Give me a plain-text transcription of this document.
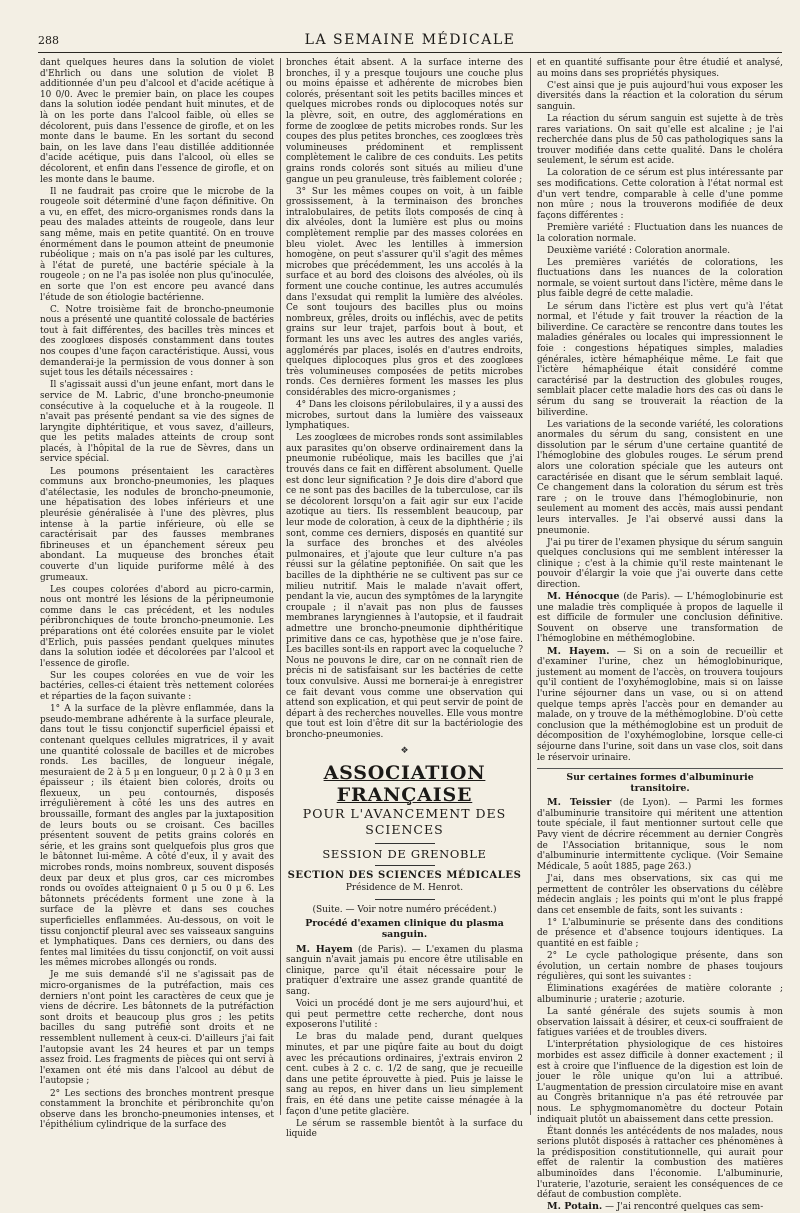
288	LA SEMAINE MÉDICALE

dant quelques heures dans la solution de violet d'Ehrlich ou dans une solution de violet B additionnée d'un peu d'alcool et d'acide acétique à 10 0/0. Avec le premier bain, on place les coupes dans la solution iodée pendant huit minutes, et de là on les porte dans l'alcool faible, où elles se décolorent, puis dans l'essence de girofle, et on les monte dans le baume. En les sortant du second bain, on les lave dans l'eau distillée additionnée d'acide acétique, puis dans l'alcool, où elles se décolorent, et enfin dans l'essence de girofle, et on les monte dans le baume.

Il ne faudrait pas croire que le microbe de la rougeole soit déterminé d'une façon définitive. On a vu, en effet, des micro-organismes ronds dans la peau des malades atteints de rougeole, dans leur sang même, mais en petite quantité. On en trouve énormément dans le poumon atteint de pneumonie rubéolique ; mais on n'a pas isolé par les cultures, à l'état de pureté, une bactérie spéciale à la rougeole ; on ne l'a pas isolée non plus qu'inoculée, en sorte que l'on est encore peu avancé dans l'étude de son étiologie bactérienne.

C. Notre troisième fait de broncho-pneumonie nous a présenté une quantité colossale de bactéries tout à fait différentes, des bacilles très minces et des zooglœes disposés constamment dans toutes nos coupes d'une façon caractéristique. Aussi, vous demanderai-je la permission de vous donner à son sujet tous les détails nécessaires :

Il s'agissait aussi d'un jeune enfant, mort dans le service de M. Labric, d'une broncho-pneumonie consécutive à la coqueluche et à la rougeole. Il n'avait pas présenté pendant sa vie des signes de laryngite diphtéritique, et vous savez, d'ailleurs, que les petits malades atteints de croup sont placés, à l'hôpital de la rue de Sèvres, dans un service spécial.

Les poumons présentaient les caractères communs aux broncho-pneumonies, les plaques d'atélectasie, les nodules de broncho-pneumonie, une hépatisation des lobes inférieurs et une pleurésie généralisée à l'une des plèvres, plus intense à la partie inférieure, où elle se caractérisait par des fausses membranes fibrineuses et un épanchement séreux peu abondant. La muqueuse des bronches était couverte d'un liquide puriforme mêlé à des grumeaux.

Les coupes colorées d'abord au picro-carmin, nous ont montré les lésions de la péripneumonie comme dans le cas précédent, et les nodules péribronchiques de toute broncho-pneumonie. Les préparations ont été colorées ensuite par le violet d'Erlich, puis passées pendant quelques minutes dans la solution iodée et décolorées par l'alcool et l'essence de girofle.

Sur les coupes colorées en vue de voir les bactéries, celles-ci étaient très nettement colorées et réparties de la façon suivante :

1° A la surface de la plèvre enflammée, dans la pseudo-membrane adhérente à la surface pleurale, dans tout le tissu conjonctif superficiel épaissi et contenant quelques cellules migratrices, il y avait une quantité colossale de bacilles et de microbes ronds. Les bacilles, de longueur inégale, mesuraient de 2 à 5 μ en longueur, 0 μ 2 à 0 μ 3 en épaisseur ; ils étaient bien colorés, droits ou flexueux, un peu contournés, disposés irrégulièrement à côté les uns des autres en broussaille, formant des angles par la juxtaposition de leurs bouts ou se croisant. Ces bacilles présentent souvent de petits grains colorés en série, et les grains sont quelquefois plus gros que le bâtonnet lui-même. A côté d'eux, il y avait des microbes ronds, moins nombreux, souvent disposés deux par deux et plus gros, car ces micrombes ronds ou ovoïdes atteignaient 0 μ 5 ou 0 μ 6. Les bâtonnets précédents forment une zone à la surface de la plèvre et dans ses couches superficielles enflammées. Au-dessous, on voit le tissu conjonctif pleural avec ses vaisseaux sanguins et lymphatiques. Dans ces derniers, ou dans des fentes mal limitées du tissu conjonctif, on voit aussi les mêmes microbes allongés ou ronds.

Je me suis demandé s'il ne s'agissait pas de micro-organismes de la putréfaction, mais ces derniers n'ont point les caractères de ceux que je viens de décrire. Les bâtonnets de la putréfaction sont droits et beaucoup plus gros ; les petits bacilles du sang putréfié sont droits et ne ressemblent nullement à ceux-ci. D'ailleurs j'ai fait l'autopsie avant les 24 heures et par un temps assez froid. Les fragments de pièces qui ont servi à l'examen ont été mis dans l'alcool au début de l'autopsie ;

2° Les sections des bronches montrent presque constamment la bronchite et péribronchite qu'on observe dans les broncho-pneumonies intenses, et l'épithélium cylindrique de la surface des

bronches était absent. A la surface interne des bronches, il y a presque toujours une couche plus ou moins épaisse et adhérente de microbes bien colorés, présentant soit les petits bacilles minces et quelques microbes ronds ou diplocoques notés sur la plèvre, soit, en outre, des agglomérations en forme de zooglœe de petits microbes ronds. Sur les coupes des plus petites bronches, ces zooglœes très volumineuses prédominent et remplissent complètement le calibre de ces conduits. Les petits grains ronds colorés sont situés au milieu d'une gangue un peu granuleuse, très faiblement colorée ;

3° Sur les mêmes coupes on voit, à un faible grossissement, à la terminaison des bronches intralobulaires, de petits îlots composés de cinq à dix alvéoles, dont la lumière est plus ou moins complètement remplie par des masses colorées en bleu violet. Avec les lentilles à immersion homogène, on peut s'assurer qu'il s'agit des mêmes microbes que précédemment, les uns accolés à la surface et au bord des cloisons des alvéoles, où ils forment une couche continue, les autres accumulés dans l'exsudat qui remplit la lumière des alvéoles. Ce sont toujours des bacilles plus ou moins nombreux, grêles, droits ou infléchis, avec de petits grains sur leur trajet, parfois bout à bout, et formant les uns avec les autres des angles variés, agglomérés par places, isolés en d'autres endroits, quelques diplocoques plus gros et des zooglœes très volumineuses composées de petits microbes ronds. Ces dernières forment les masses les plus considérables des micro-organismes ;

4° Dans les cloisons périlobulaires, il y a aussi des microbes, surtout dans la lumière des vaisseaux lymphatiques.

Les zooglœes de microbes ronds sont assimilables aux parasites qu'on observe ordinairement dans la pneumonie rubéolique, mais les bacilles que j'ai trouvés dans ce fait en diffèrent absolument. Quelle est donc leur signification ? Je dois dire d'abord que ce ne sont pas des bacilles de la tuberculose, car ils se décolorent lorsqu'on a fait agir sur eux l'acide azotique au tiers. Ils ressemblent beaucoup, par leur mode de coloration, à ceux de la diphthérie ; ils sont, comme ces derniers, disposés en quantité sur la surface des bronches et des alvéoles pulmonaires, et j'ajoute que leur culture n'a pas réussi sur la gélatine peptonifiée. On sait que les bacilles de la diphthérie ne se cultivent pas sur ce milieu nutritif. Mais le malade n'avait offert, pendant la vie, aucun des symptômes de la laryngite croupale ; il n'avait pas non plus de fausses membranes laryngiennes à l'autopsie, et il faudrait admettre une broncho-pneumonie diphthéritique primitive dans ce cas, hypothèse que je n'ose faire. Les bacilles sont-ils en rapport avec la coqueluche ? Nous ne pouvons le dire, car on ne connaît rien de précis ni de satisfaisant sur les bactéries de cette toux convulsive. Aussi me bornerai-je à enregistrer ce fait devant vous comme une observation qui attend son explication, et qui peut servir de point de départ à des recherches nouvelles. Elle vous montre que tout est loin d'être dit sur la bactériologie des broncho-pneumonies.

❖
ASSOCIATION FRANÇAISE
POUR L'AVANCEMENT DES SCIENCES
SESSION DE GRENOBLE
SECTION DES SCIENCES MÉDICALES
Présidence de M. Henrot.
(Suite. — Voir notre numéro précédent.)
Procédé d'examen clinique du plasma sanguin.

M. Hayem (de Paris). — L'examen du plasma sanguin n'avait jamais pu encore être utilisable en clinique, parce qu'il était nécessaire pour le pratiquer d'extraire une assez grande quantité de sang.

Voici un procédé dont je me sers aujourd'hui, et qui peut permettre cette recherche, dont nous exposerons l'utilité :

Le bras du malade pend, durant quelques minutes, et par une piqûre faite au bout du doigt avec les précautions ordinaires, j'extrais environ 2 cent. cubes à 2 c. c. 1/2 de sang, que je recueille dans une petite éprouvette à pied. Puis je laisse le sang au repos, en hiver dans un lieu simplement frais, en été dans une petite caisse ménagée à la façon d'une petite glacière.

Le sérum se rassemble bientôt à la surface du liquide

et en quantité suffisante pour être étudié et analysé, au moins dans ses propriétés physiques.

C'est ainsi que je puis aujourd'hui vous exposer les diversités dans la réaction et la coloration du sérum sanguin.

La réaction du sérum sanguin est sujette à de très rares variations. On sait qu'elle est alcaline ; je l'ai recherchée dans plus de 50 cas pathologiques sans la trouver modifiée dans cette qualité. Dans le choléra seulement, le sérum est acide.

La coloration de ce sérum est plus intéressante par ses modifications. Cette coloration à l'état normal est d'un vert tendre, comparable à celle d'une pomme non mûre ; nous la trouverons modifiée de deux façons différentes :

Première variété : Fluctuation dans les nuances de la coloration normale.

Deuxième variété : Coloration anormale.

Les premières variétés de colorations, les fluctuations dans les nuances de la coloration normale, se voient surtout dans l'ictère, même dans le plus faible degré de cette maladie.

Le sérum dans l'ictère est plus vert qu'à l'état normal, et l'étude y fait trouver la réaction de la biliverdine. Ce caractère se rencontre dans toutes les maladies générales ou locales qui impressionnent le foie : congestions hépatiques simples, maladies générales, ictère hémaphéique même. Le fait que l'ictère hémaphéique était considéré comme caractérisé par la destruction des globules rouges, semblait placer cette maladie hors des cas où dans le sérum du sang se trouverait la réaction de la biliverdine.

Les variations de la seconde variété, les colorations anormales du sérum du sang, consistent en une dissolution par le sérum d'une certaine quantité de l'hémoglobine des globules rouges. Le sérum prend alors une coloration spéciale que les auteurs ont caractérisée en disant que le sérum semblait laqué. Ce changement dans la coloration du sérum est très rare ; on le trouve dans l'hémoglobinurie, non seulement au moment des accès, mais aussi pendant leurs intervalles. Je l'ai observé aussi dans la pneumonie.

J'ai pu tirer de l'examen physique du sérum sanguin quelques conclusions qui me semblent intéresser la clinique ; c'est à la chimie qu'il reste maintenant le pouvoir d'élargir la voie que j'ai ouverte dans cette direction.

M. Hénocque (de Paris). — L'hémoglobinurie est une maladie très compliquée à propos de laquelle il est difficile de formuler une conclusion définitive. Souvent on observe une transformation de l'hémoglobine en méthémoglobine.

M. Hayem. — Si on a soin de recueillir et d'examiner l'urine, chez un hémoglobinurique, justement au moment de l'accès, on trouvera toujours qu'il contient de l'oxyhémoglobine, mais si on laisse l'urine séjourner dans un vase, ou si on attend quelque temps après l'accès pour en demander au malade, on y trouve de la méthémoglobine. D'où cette conclusion que la méthémoglobine est un produit de décomposition de l'oxyhémoglobine, lorsque celle-ci séjourne dans l'urine, soit dans un vase clos, soit dans le réservoir urinaire.

Sur certaines formes d'albuminurie transitoire.

M. Teissier (de Lyon). — Parmi les formes d'albuminurie transitoire qui méritent une attention toute spéciale, il faut mentionner surtout celle que Pavy vient de décrire récemment au dernier Congrès de l'Association britannique, sous le nom d'albuminurie intermittente cyclique. (Voir Semaine Médicale, 5 août 1885, page 263.)

J'ai, dans mes observations, six cas qui me permettent de contrôler les observations du célèbre médecin anglais ; les points qui m'ont le plus frappé dans cet ensemble de faits, sont les suivants :

1° L'albuminurie se présente dans des conditions de présence et d'absence toujours identiques. La quantité en est faible ;

2° Le cycle pathologique présente, dans son évolution, un certain nombre de phases toujours régulières, qui sont les suivantes :

Éliminations exagérées de matière colorante ; albuminurie ; uraterie ; azoturie.

La santé générale des sujets soumis à mon observation laissait à désirer, et ceux-ci souffraient de fatigues variées et de troubles divers.

L'interprétation physiologique de ces histoires morbides est assez difficile à donner exactement ; il est à croire que l'influence de la digestion est loin de jouer le rôle unique qu'on lui a attribué. L'augmentation de pression circulatoire mise en avant au Congrès britannique n'a pas été retrouvée par nous. Le sphygmomanomètre du docteur Potain indiquait plutôt un abaissement dans cette pression.

Étant donnés les antécédents de nos malades, nous serions plutôt disposés à rattacher ces phénomènes à la prédisposition constitutionnelle, qui aurait pour effet de ralentir la combustion des matières albuminoïdes dans l'économie. L'albuminurie, l'uraterie, l'azoturie, seraient les conséquences de ce défaut de combustion complète.

M. Potain. — J'ai rencontré quelques cas sem-
